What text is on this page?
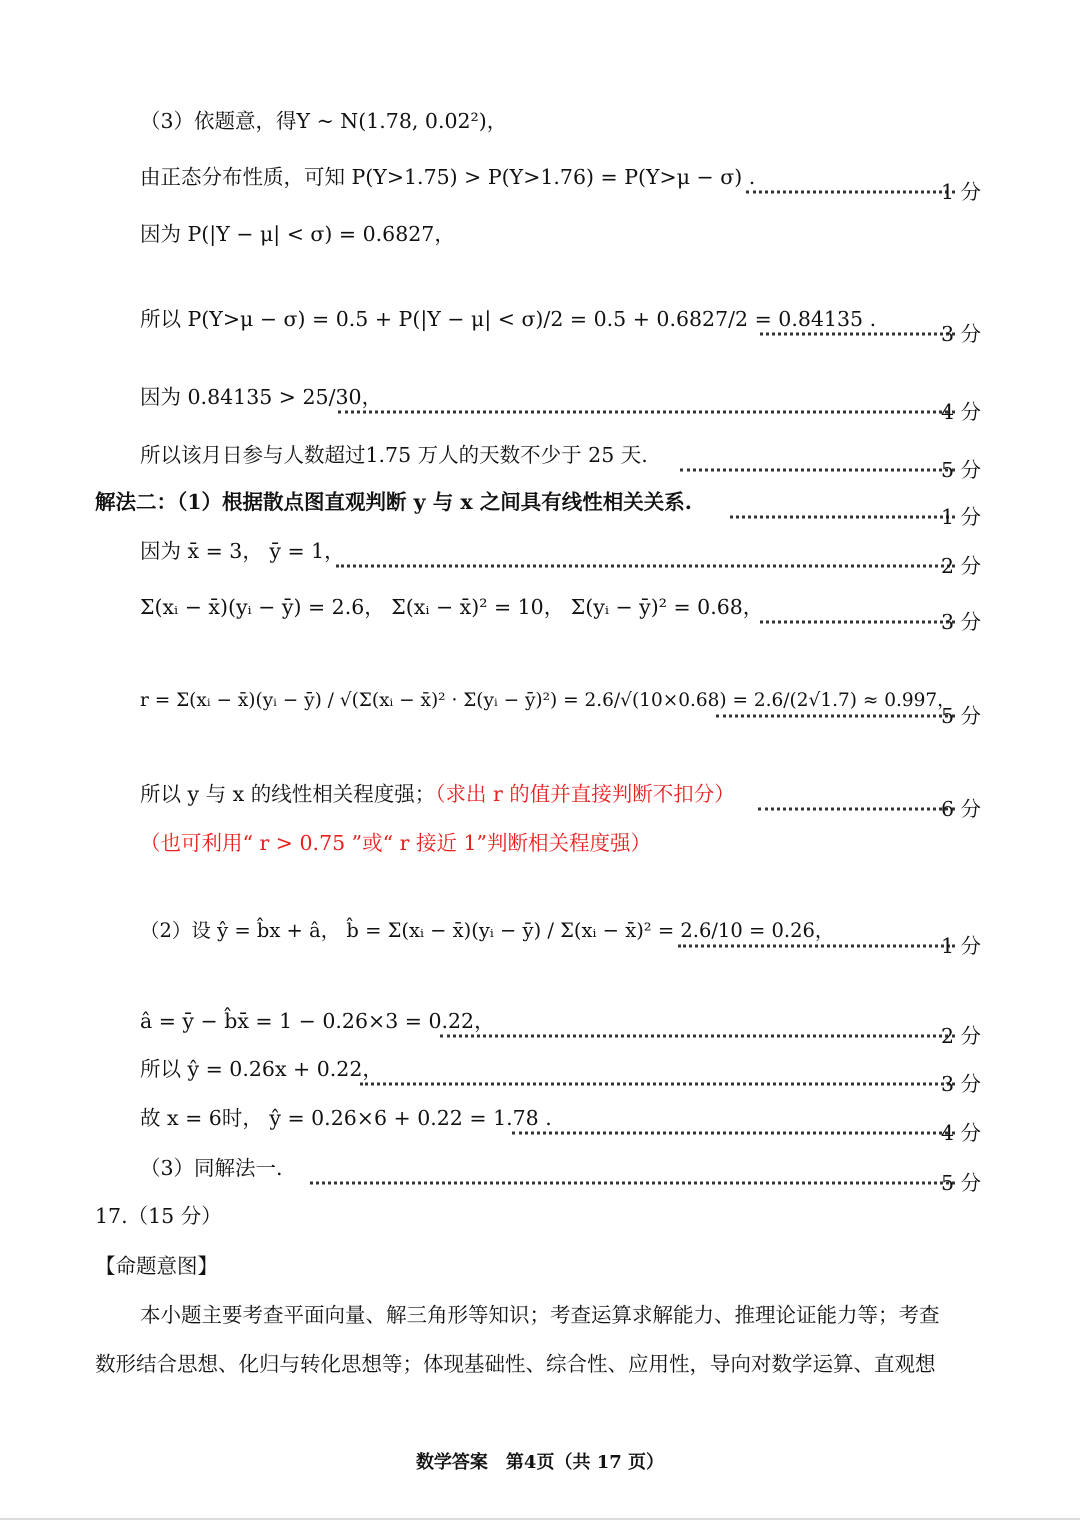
（3）依题意，得Y ~ N(1.78, 0.02²)，
由正态分布性质，可知 P(Y>1.75) > P(Y>1.76) = P(Y>μ − σ) .
1 分
因为 P(|Y − μ| < σ) = 0.6827，
所以 P(Y>μ − σ) = 0.5 + P(|Y − μ| < σ)/2 = 0.5 + 0.6827/2 = 0.84135 .
3 分
因为 0.84135 > 25/30，
4 分
所以该月日参与人数超过1.75 万人的天数不少于 25 天.
5 分
解法二：（1）根据散点图直观判断 y 与 x 之间具有线性相关关系.
1 分
因为 x̄ = 3， ȳ = 1，
2 分
Σ(xᵢ − x̄)(yᵢ − ȳ) = 2.6， Σ(xᵢ − x̄)² = 10， Σ(yᵢ − ȳ)² = 0.68，
3 分
r = Σ(xᵢ − x̄)(yᵢ − ȳ) / √(Σ(xᵢ − x̄)² · Σ(yᵢ − ȳ)²) = 2.6/√(10×0.68) = 2.6/(2√1.7) ≈ 0.997，
5 分
所以 y 与 x 的线性相关程度强；（求出 r 的值并直接判断不扣分）
6 分
（也可利用“ r > 0.75 ”或“ r 接近 1”判断相关程度强）
（2）设 ŷ = b̂x + â， b̂ = Σ(xᵢ − x̄)(yᵢ − ȳ) / Σ(xᵢ − x̄)² = 2.6/10 = 0.26，
1 分
â = ȳ − b̂x̄ = 1 − 0.26×3 = 0.22，
2 分
所以 ŷ = 0.26x + 0.22，
3 分
故 x = 6时， ŷ = 0.26×6 + 0.22 = 1.78 .
4 分
（3）同解法一.
5 分
17.（15 分）
【命题意图】
本小题主要考查平面向量、解三角形等知识；考查运算求解能力、推理论证能力等；考查
数形结合思想、化归与转化思想等；体现基础性、综合性、应用性，导向对数学运算、直观想
数学答案　第4页（共 17 页）
